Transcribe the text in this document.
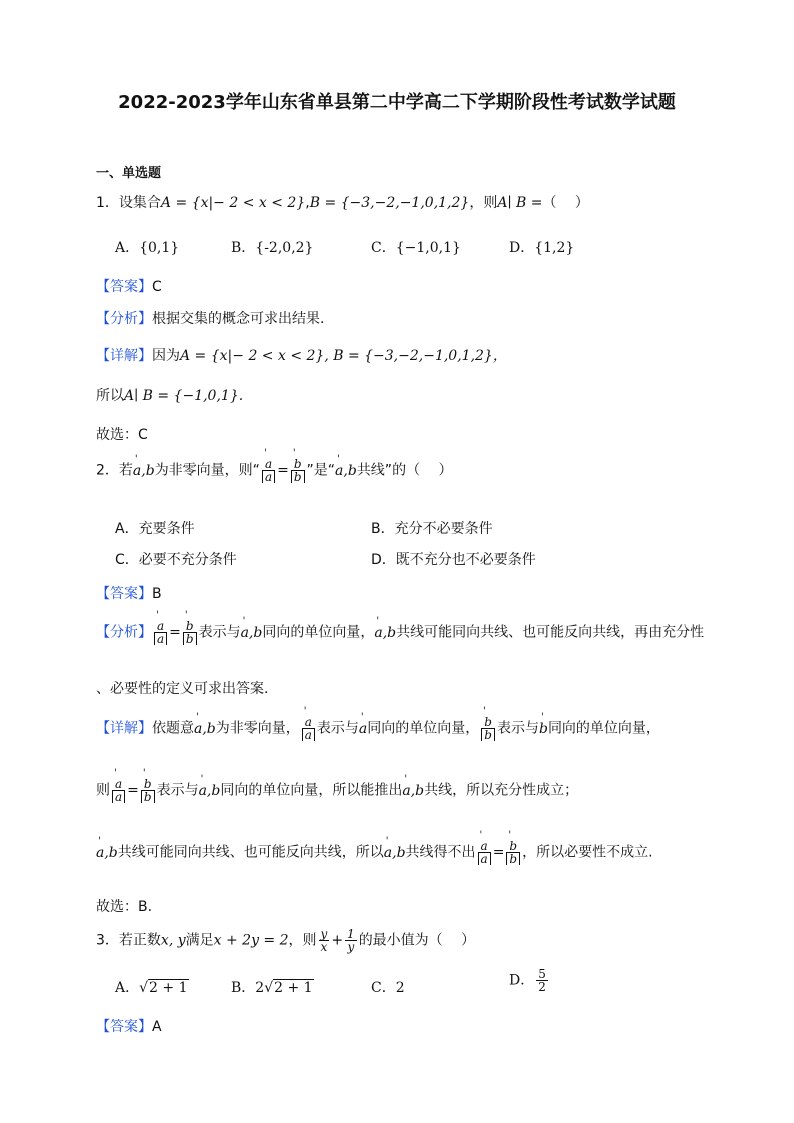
2022-2023学年山东省单县第二中学高二下学期阶段性考试数学试题
一、单选题
1．设集合A = {x|− 2 < x < 2},B = {−3,−2,−1,0,1,2}，则A∣ B =（　 ）
A．{0,1}	B．{-2,0,2}	C．{−1,0,1}	D．{1,2}
【答案】C
【分析】根据交集的概念可求出结果.
【详解】因为A = {x|− 2 < x < 2}, B = {−3,−2,−1,0,1,2}，
所以A∣ B = {−1,0,1}.
故选：C
2．若' a,b为非零向量，则“ ' $\frac{a}{a}$ = ' $\frac{b}{b}$ ”是“' a,b共线”的（　 ）
A．充要条件	B．充分不必要条件
C．必要不充分条件	D．既不充分也不必要条件
【答案】B
【分析】 ' $\frac{a}{a}$ = ' $\frac{b}{b}$ 表示与' a,b同向的单位向量，' a,b共线可能同向共线、也可能反向共线，再由充分性
、必要性的定义可求出答案.
【详解】依题意' a,b为非零向量， ' $\frac{a}{a}$ 表示与' a同向的单位向量， ' $\frac{b}{b}$ 表示与' b同向的单位向量，
则 ' $\frac{a}{a}$ = ' $\frac{b}{b}$ 表示与' a,b同向的单位向量，所以能推出' a,b共线，所以充分性成立；
' a,b共线可能同向共线、也可能反向共线，所以' a,b共线得不出 ' $\frac{a}{a}$ = ' $\frac{b}{b}$ ，所以必要性不成立.
故选：B.
3．若正数x, y满足x + 2y = 2，则 $\frac{y}{x} + \frac{1}{y}$ 的最小值为（　 ）
A．√2 + 1	B．2√2 + 1	C．2	D． $\frac{5}{2}$
【答案】A
